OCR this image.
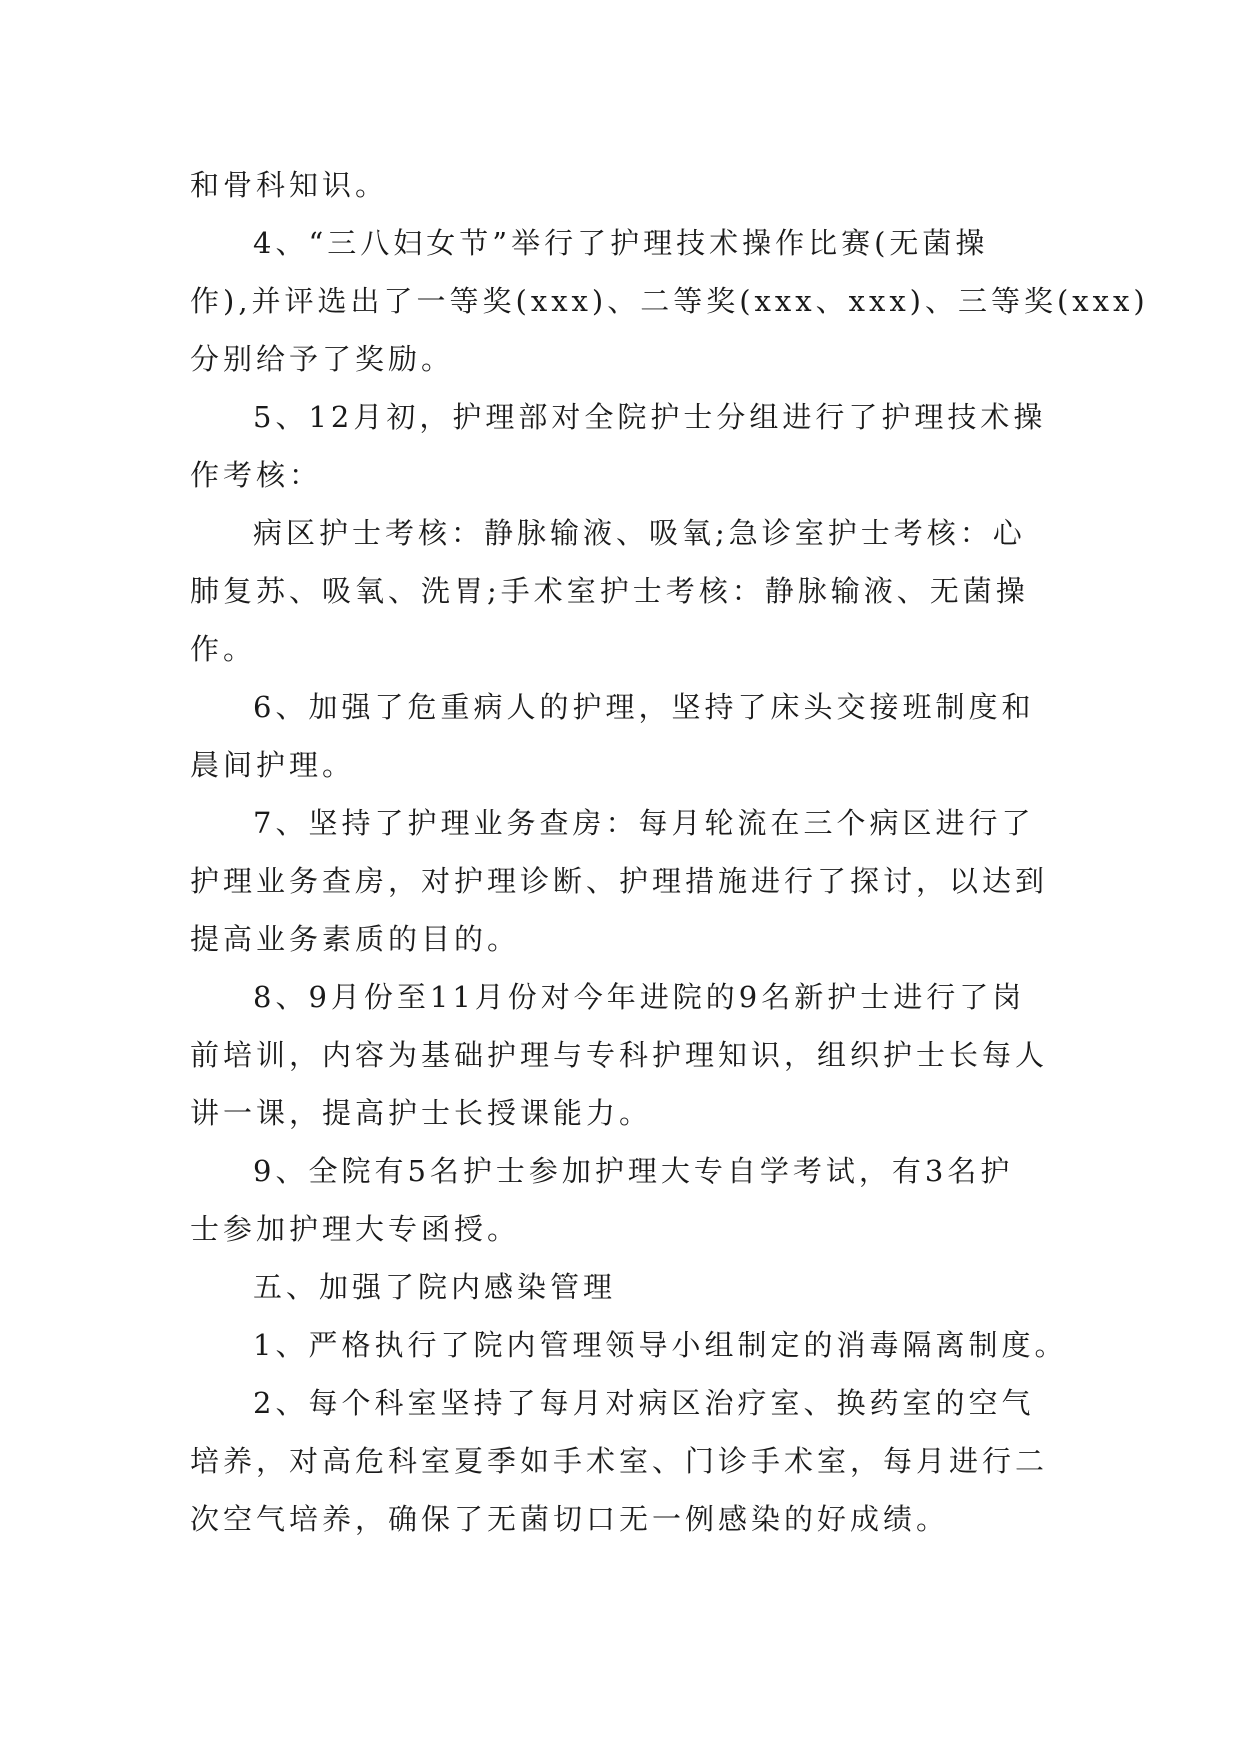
和骨科知识。

4、“三八妇女节”举行了护理技术操作比赛(无菌操

作),并评选出了一等奖(xxx)、二等奖(xxx、xxx)、三等奖(xxx)

分别给予了奖励。

5、12月初，护理部对全院护士分组进行了护理技术操

作考核：

病区护士考核：静脉输液、吸氧;急诊室护士考核：心

肺复苏、吸氧、洗胃;手术室护士考核：静脉输液、无菌操

作。

6、加强了危重病人的护理，坚持了床头交接班制度和

晨间护理。

7、坚持了护理业务查房：每月轮流在三个病区进行了

护理业务查房，对护理诊断、护理措施进行了探讨，以达到

提高业务素质的目的。

8、9月份至11月份对今年进院的9名新护士进行了岗

前培训，内容为基础护理与专科护理知识，组织护士长每人

讲一课，提高护士长授课能力。

9、全院有5名护士参加护理大专自学考试，有3名护

士参加护理大专函授。

五、加强了院内感染管理

1、严格执行了院内管理领导小组制定的消毒隔离制度。

2、每个科室坚持了每月对病区治疗室、换药室的空气

培养，对高危科室夏季如手术室、门诊手术室，每月进行二

次空气培养，确保了无菌切口无一例感染的好成绩。
